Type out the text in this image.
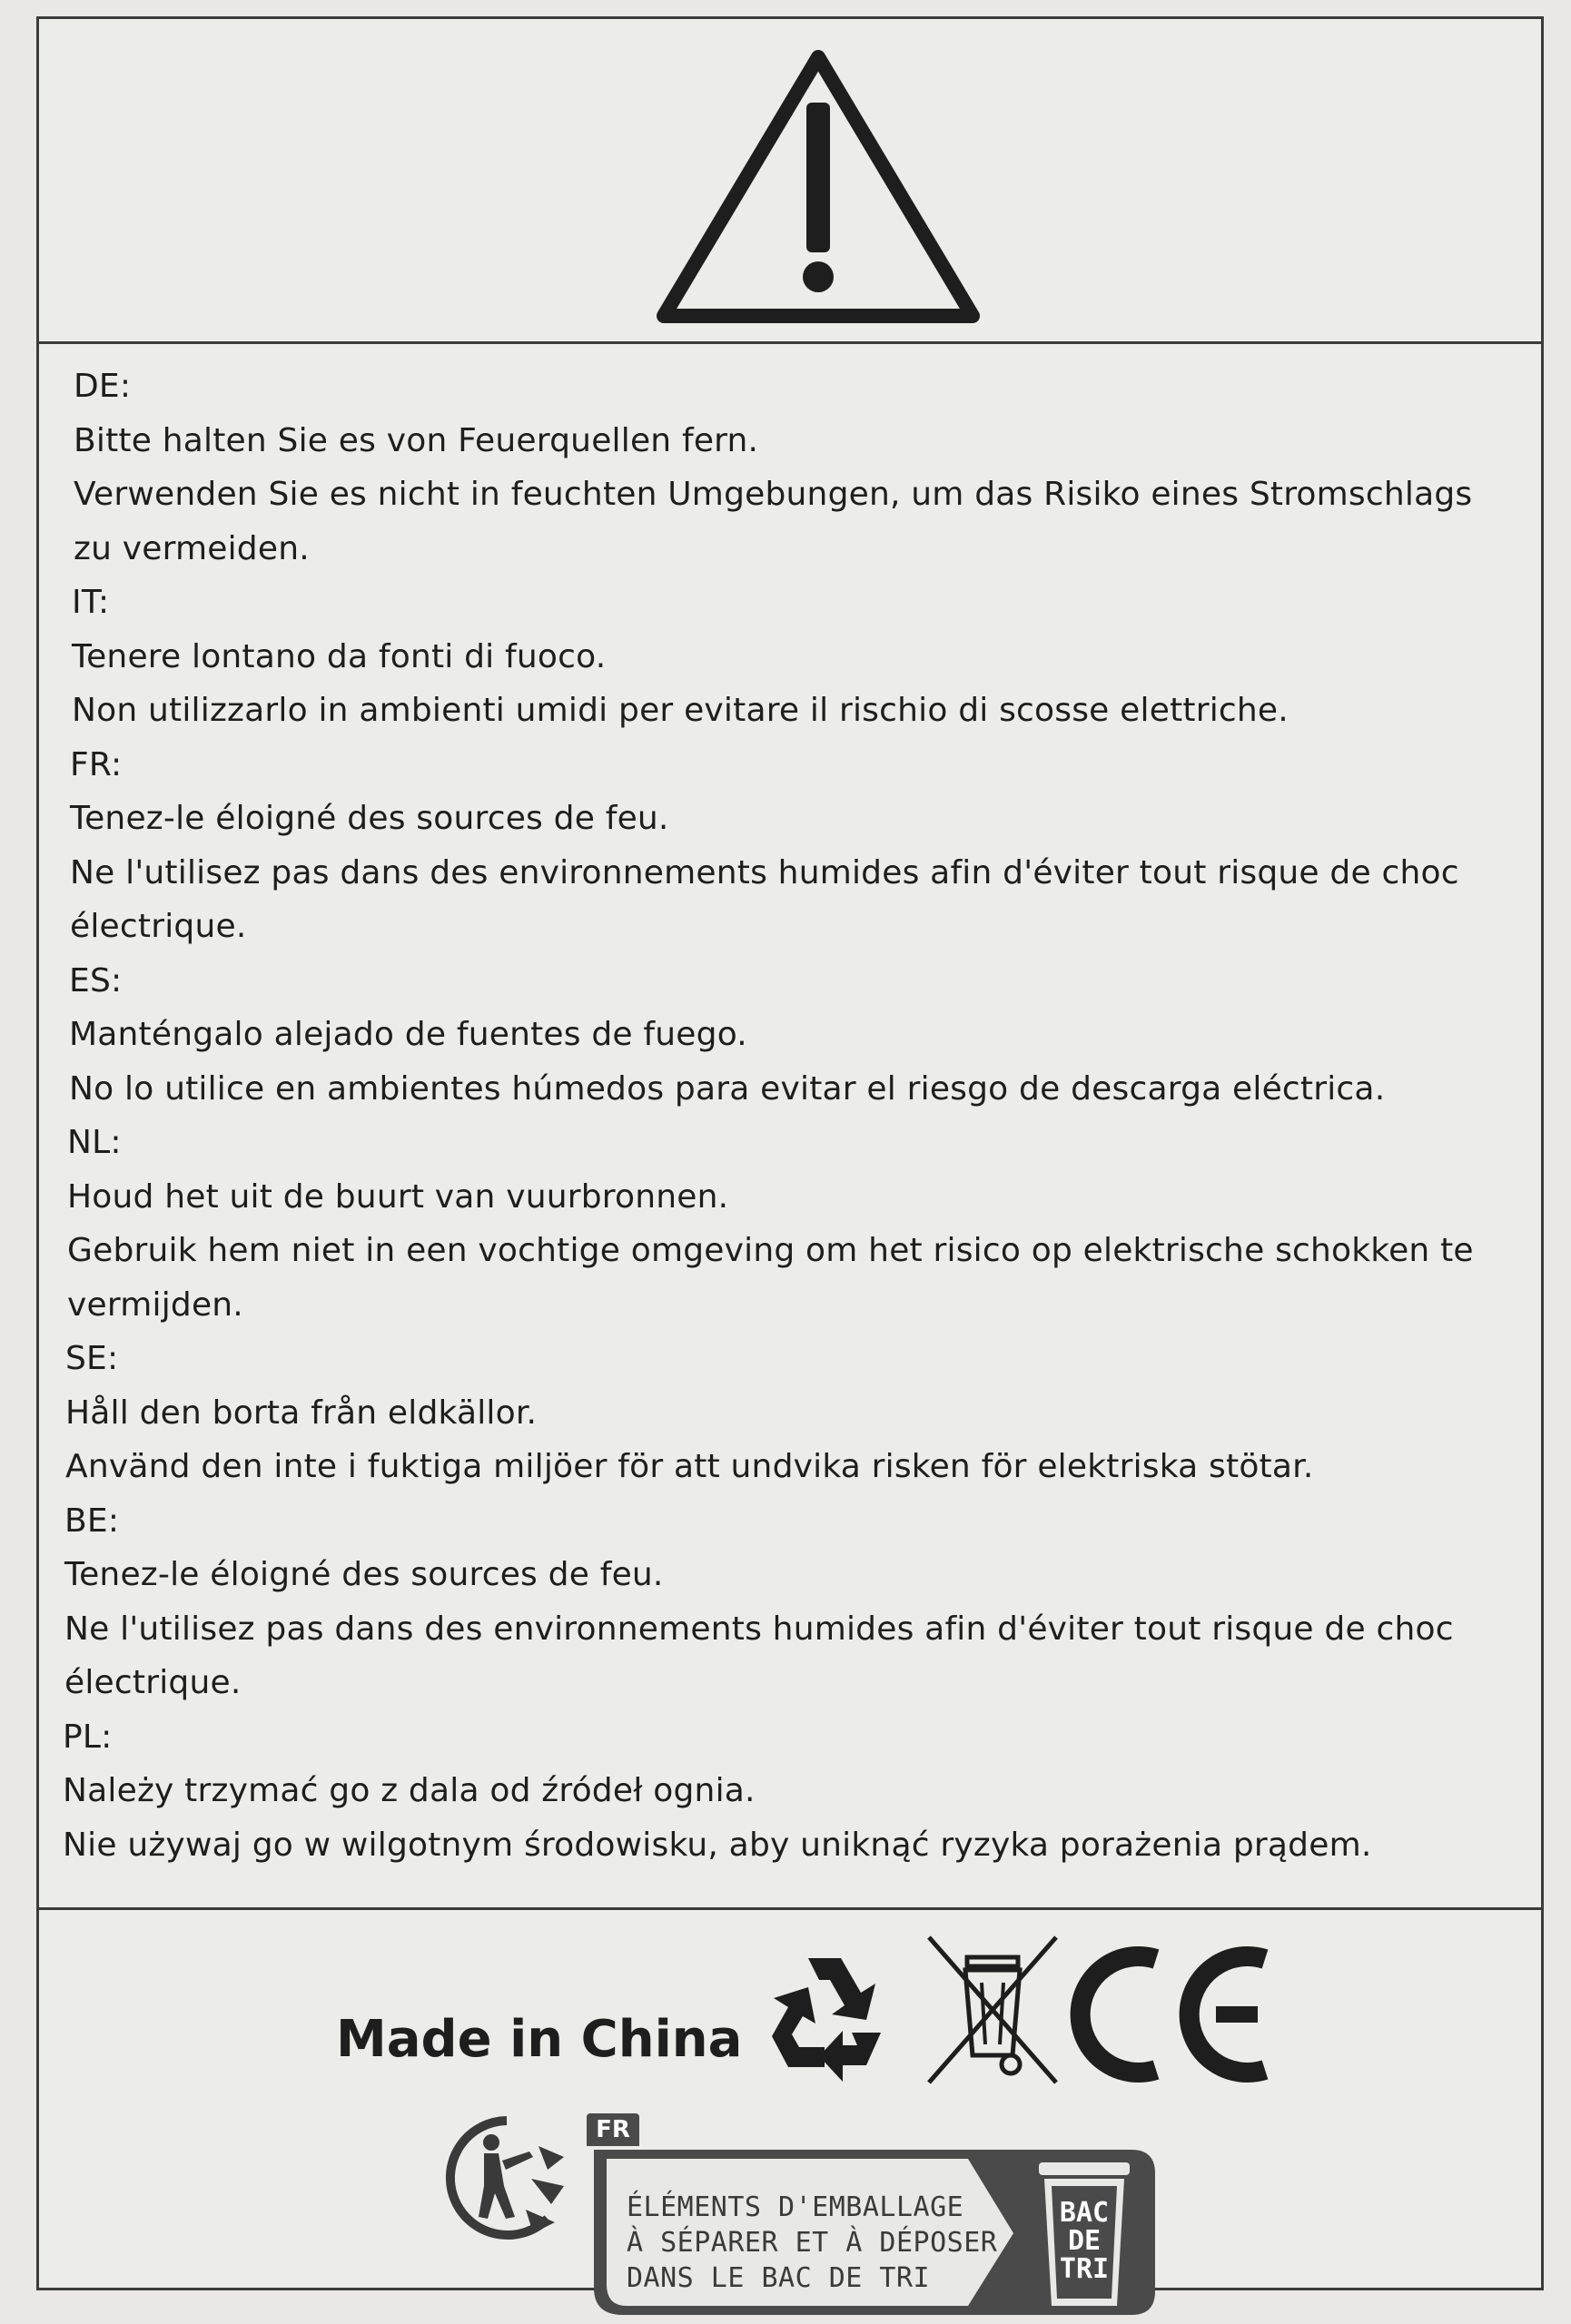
DE:
Bitte halten Sie es von Feuerquellen fern.
Verwenden Sie es nicht in feuchten Umgebungen, um das Risiko eines Stromschlags
zu vermeiden.
IT:
Tenere lontano da fonti di fuoco.
Non utilizzarlo in ambienti umidi per evitare il rischio di scosse elettriche.
FR:
Tenez-le éloigné des sources de feu.
Ne l'utilisez pas dans des environnements humides afin d'éviter tout risque de choc
électrique.
ES:
Manténgalo alejado de fuentes de fuego.
No lo utilice en ambientes húmedos para evitar el riesgo de descarga eléctrica.
NL:
Houd het uit de buurt van vuurbronnen.
Gebruik hem niet in een vochtige omgeving om het risico op elektrische schokken te
vermijden.
SE:
Håll den borta från eldkällor.
Använd den inte i fuktiga miljöer för att undvika risken för elektriska stötar.
BE:
Tenez-le éloigné des sources de feu.
Ne l'utilisez pas dans des environnements humides afin d'éviter tout risque de choc
électrique.
PL:
Należy trzymać go z dala od źródeł ognia.
Nie używaj go w wilgotnym środowisku, aby uniknąć ryzyka porażenia prądem.
Made in China
FR
ÉLÉMENTS D'EMBALLAGE
À SÉPARER ET À DÉPOSER
DANS LE BAC DE TRI
BAC
DE
TRI
